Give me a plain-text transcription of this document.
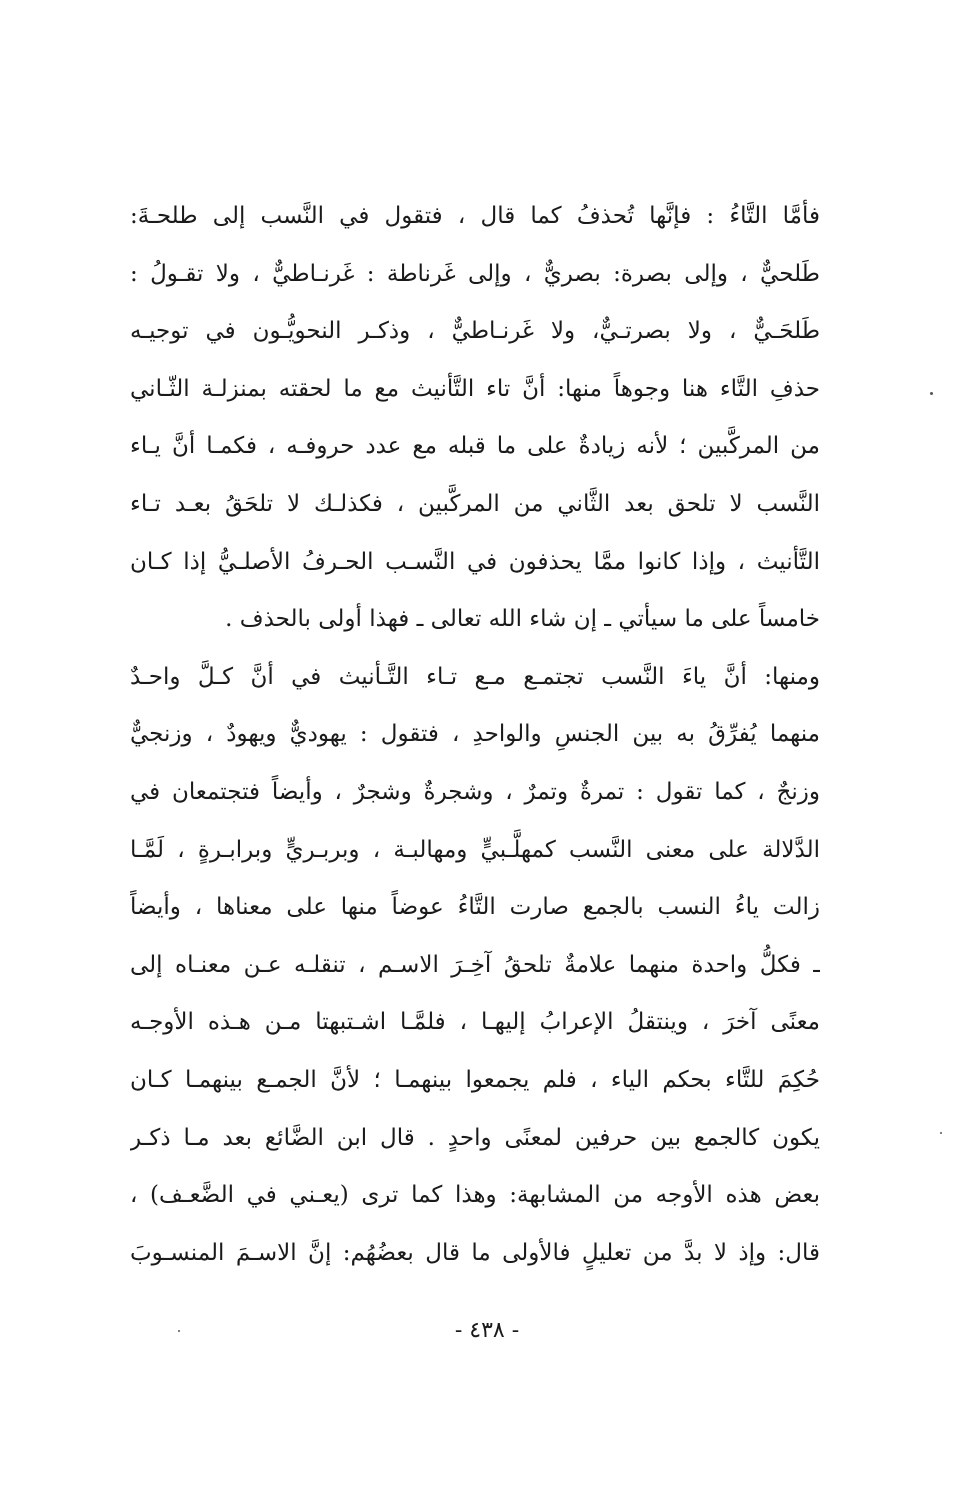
فأمَّا التَّاءُ : فإنَّها تُحذفُ كما قال ، فتقول في النَّسب إلى طلحـةَ:
طَلحيٌّ ، وإلى بصرة: بصريٌّ ، وإلى غَرناطة : غَرنـاطيٌّ ، ولا تقـولُ :
طَلحَـيٌّ ، ولا بصرتـيٌّ، ولا غَرنـاطيٌّ ، وذكـر النحويُّـون في توجيـه
حذفِ التَّاء هنا وجوهاً منها: أنَّ تاء التَّأنيث مع ما لحقته بمنزلـة الثّـاني
من المركَّبين ؛ لأنه زيادةٌ على ما قبله مع عدد حروفـه ، فكمـا أنَّ يـاء
النَّسب لا تلحق بعد الثَّاني من المركَّبين ، فكذلـك لا تلحَقُ بعـد تـاء
التَّأنيث ، وإذا كانوا ممَّا يحذفون في النَّسـب الحـرفُ الأصلـيُّ إذا كـان
خامساً على ما سيأتي ـ إن شاء الله تعالى ـ فهذا أولى بالحذف .
ومنها: أنَّ ياءَ النَّسب تجتمـع مـع تـاء التَّـأنيث في أنَّ كـلَّ واحـدٌ
منهما يُفرِّقُ به بين الجنسِ والواحدِ ، فتقول : يهوديٌّ ويهودٌ ، وزنجيٌّ
وزنجٌ ، كما تقول : تمرةٌ وتمرٌ ، وشجرةٌ وشجرٌ ، وأيضاً فتجتمعان في
الدَّلالة على معنى النَّسب كمهلَّـبيٍّ ومهالبـة ، وبربـريٍّ وبرابـرةٍ ، لَمَّـا
زالت ياءُ النسب بالجمع صارت التَّاءُ عوضاً منها على معناها ، وأيضاً
ـ فكلُّ واحدة منهما علامةٌ تلحقُ آخِـرَ الاسـم ، تنقلـه عـن معنـاه إلى
معنًى آخرَ ، وينتقلُ الإعرابُ إليهـا ، فلمَّـا اشـتبهتا مـن هـذه الأوجـه
حُكِمَ للتَّاء بحكم الياء ، فلم يجمعوا بينهمـا ؛ لأنَّ الجمـع بينهمـا كـان
يكون كالجمع بين حرفين لمعنًى واحدٍ . قال ابن الضَّائع بعد مـا ذكـر
بعض هذه الأوجه من المشابهة: وهذا كما ترى (يعـني في الضَّعـف) ،
قال: وإذ لا بدَّ من تعليلٍ فالأولى ما قال بعضُهُم: إنَّ الاسـمَ المنسـوبَ
- ٤٣٨ -
